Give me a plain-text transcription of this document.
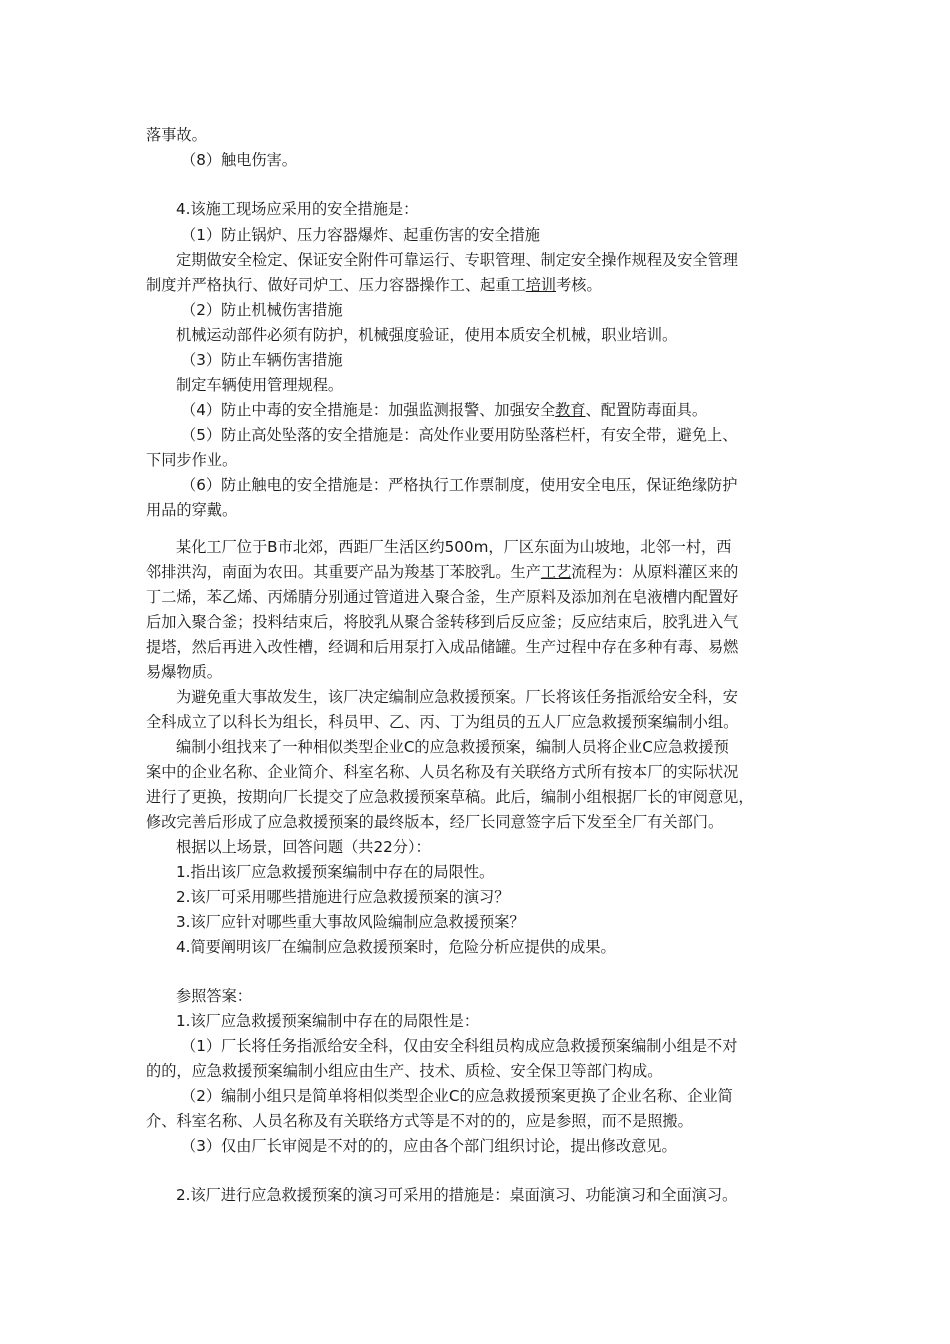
落事故。
（8）触电伤害。
4.该施工现场应采用的安全措施是：
（1）防止锅炉、压力容器爆炸、起重伤害的安全措施
定期做安全检定、保证安全附件可靠运行、专职管理、制定安全操作规程及安全管理
制度并严格执行、做好司炉工、压力容器操作工、起重工培训考核。
（2）防止机械伤害措施
机械运动部件必须有防护，机械强度验证，使用本质安全机械，职业培训。
（3）防止车辆伤害措施
制定车辆使用管理规程。
（4）防止中毒的安全措施是：加强监测报警、加强安全教育、配置防毒面具。
（5）防止高处坠落的安全措施是：高处作业要用防坠落栏杆，有安全带，避免上、
下同步作业。
（6）防止触电的安全措施是：严格执行工作票制度，使用安全电压，保证绝缘防护
用品的穿戴。
某化工厂位于B市北郊，西距厂生活区约500m，厂区东面为山坡地，北邻一村，西
邻排洪沟，南面为农田。其重要产品为羧基丁苯胶乳。生产工艺流程为：从原料灌区来的
丁二烯，苯乙烯、丙烯腈分别通过管道进入聚合釜，生产原料及添加剂在皂液槽内配置好
后加入聚合釜；投料结束后，将胶乳从聚合釜转移到后反应釜；反应结束后，胶乳进入气
提塔，然后再进入改性槽，经调和后用泵打入成品储罐。生产过程中存在多种有毒、易燃
易爆物质。
为避免重大事故发生，该厂决定编制应急救援预案。厂长将该任务指派给安全科，安
全科成立了以科长为组长，科员甲、乙、丙、丁为组员的五人厂应急救援预案编制小组。
编制小组找来了一种相似类型企业C的应急救援预案，编制人员将企业C应急救援预
案中的企业名称、企业简介、科室名称、人员名称及有关联络方式所有按本厂的实际状况
进行了更换，按期向厂长提交了应急救援预案草稿。此后，编制小组根据厂长的审阅意见，
修改完善后形成了应急救援预案的最终版本，经厂长同意签字后下发至全厂有关部门。
根据以上场景，回答问题（共22分）：
1.指出该厂应急救援预案编制中存在的局限性。
2.该厂可采用哪些措施进行应急救援预案的演习？
3.该厂应针对哪些重大事故风险编制应急救援预案？
4.简要阐明该厂在编制应急救援预案时，危险分析应提供的成果。
参照答案：
1.该厂应急救援预案编制中存在的局限性是：
（1）厂长将任务指派给安全科，仅由安全科组员构成应急救援预案编制小组是不对
的的，应急救援预案编制小组应由生产、技术、质检、安全保卫等部门构成。
（2）编制小组只是简单将相似类型企业C的应急救援预案更换了企业名称、企业简
介、科室名称、人员名称及有关联络方式等是不对的的，应是参照，而不是照搬。
（3）仅由厂长审阅是不对的的，应由各个部门组织讨论，提出修改意见。
2.该厂进行应急救援预案的演习可采用的措施是：桌面演习、功能演习和全面演习。
